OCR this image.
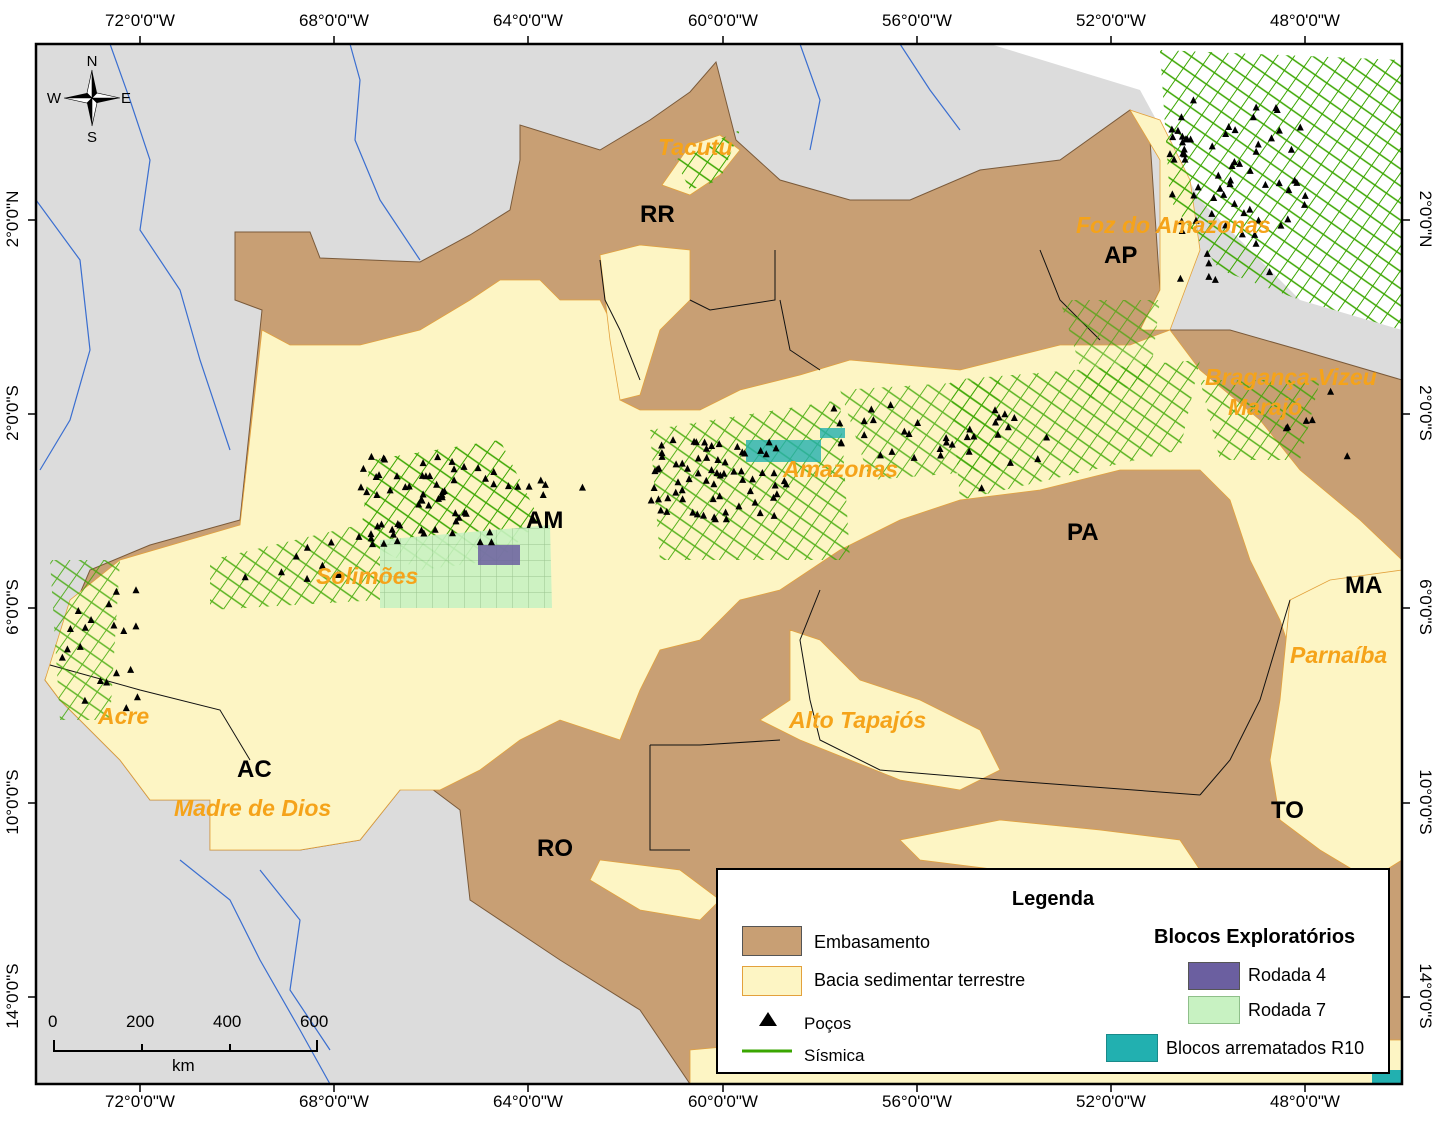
RR
AP
AM	PA
MA
AC
RO
TO
Tacutu
Foz do Amazonas
Bragança-Vizeu
Marajó
Amazonas
Solimões
Parnaíba
Acre	Alto Tapajós
Madre de Dios
N
S
E
W
72°0'0"W	68°0'0"W	64°0'0"W	60°0'0"W	56°0'0"W	52°0'0"W	48°0'0"W
72°0'0"W	68°0'0"W	64°0'0"W	60°0'0"W	56°0'0"W	52°0'0"W	48°0'0"W
2°0'0"N
2°0'0"S
6°0'0"S
10°0'0"S
14°0'0"S
2°0'0"N
2°0'0"S
6°0'0"S
10°0'0"S
14°0'0"S
0	200	400	600
km
Legenda
Embasamento
Bacia sedimentar terrestre
Poços
Sísmica
Blocos Exploratórios
Rodada 4
Rodada 7
Blocos arrematados R10
